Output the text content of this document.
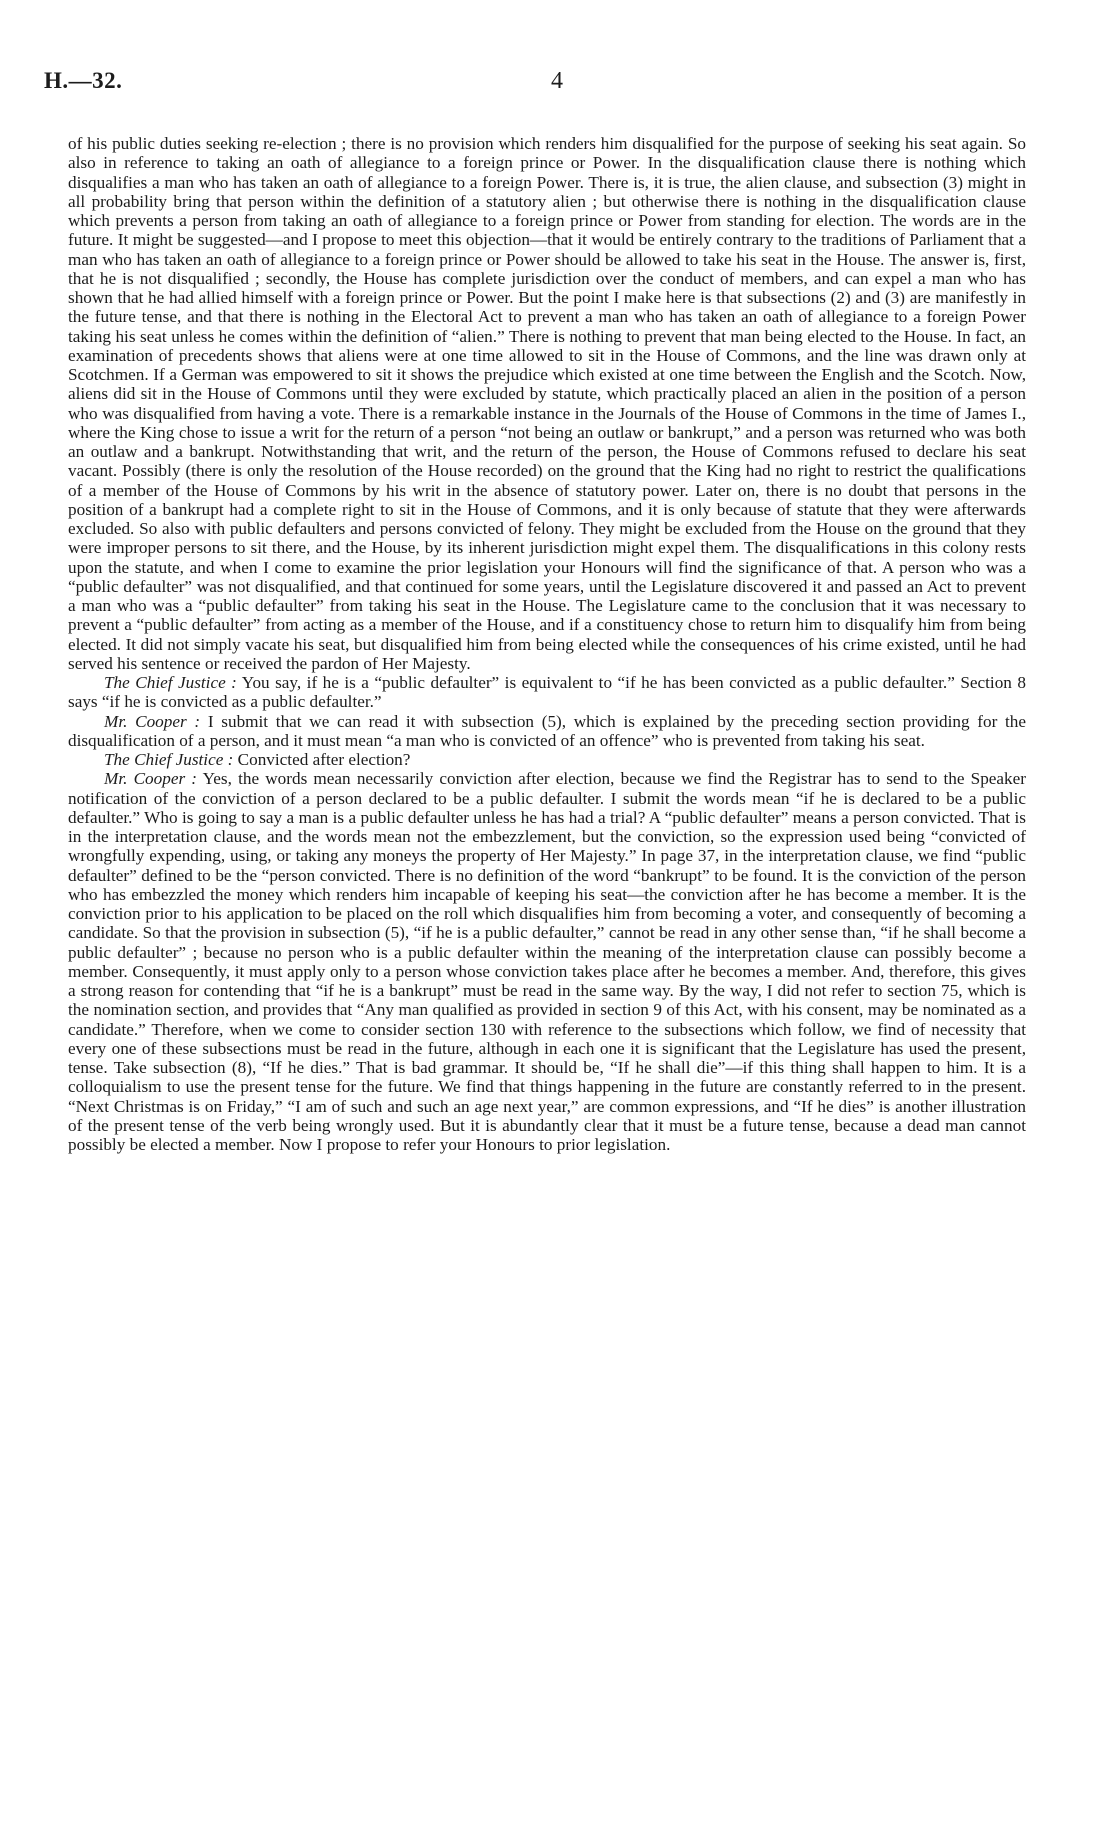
H.—32.	4

of his public duties seeking re-election ; there is no provision which renders him disqualified for the purpose of seeking his seat again. So also in reference to taking an oath of allegiance to a foreign prince or Power. In the disqualification clause there is nothing which disqualifies a man who has taken an oath of allegiance to a foreign Power. There is, it is true, the alien clause, and subsection (3) might in all probability bring that person within the definition of a statutory alien ; but otherwise there is nothing in the disqualification clause which prevents a person from taking an oath of allegiance to a foreign prince or Power from standing for election. The words are in the future. It might be suggested—and I propose to meet this objection—that it would be entirely contrary to the traditions of Parliament that a man who has taken an oath of allegiance to a foreign prince or Power should be allowed to take his seat in the House. The answer is, first, that he is not disqualified ; secondly, the House has complete jurisdiction over the conduct of members, and can expel a man who has shown that he had allied himself with a foreign prince or Power. But the point I make here is that subsections (2) and (3) are manifestly in the future tense, and that there is nothing in the Electoral Act to prevent a man who has taken an oath of allegiance to a foreign Power taking his seat unless he comes within the definition of “alien.” There is nothing to prevent that man being elected to the House. In fact, an examination of precedents shows that aliens were at one time allowed to sit in the House of Commons, and the line was drawn only at Scotchmen. If a German was empowered to sit it shows the prejudice which existed at one time between the English and the Scotch. Now, aliens did sit in the House of Commons until they were excluded by statute, which practically placed an alien in the position of a person who was disqualified from having a vote. There is a remarkable instance in the Journals of the House of Commons in the time of James I., where the King chose to issue a writ for the return of a person “not being an outlaw or bankrupt,” and a person was returned who was both an outlaw and a bankrupt. Notwithstanding that writ, and the return of the person, the House of Commons refused to declare his seat vacant. Possibly (there is only the resolution of the House recorded) on the ground that the King had no right to restrict the qualifications of a member of the House of Commons by his writ in the absence of statutory power. Later on, there is no doubt that persons in the position of a bankrupt had a complete right to sit in the House of Commons, and it is only because of statute that they were afterwards excluded. So also with public defaulters and persons convicted of felony. They might be excluded from the House on the ground that they were improper persons to sit there, and the House, by its inherent jurisdiction might expel them. The disqualifications in this colony rests upon the statute, and when I come to examine the prior legislation your Honours will find the significance of that. A person who was a “public defaulter” was not disqualified, and that continued for some years, until the Legislature discovered it and passed an Act to prevent a man who was a “public defaulter” from taking his seat in the House. The Legislature came to the conclusion that it was necessary to prevent a “public defaulter” from acting as a member of the House, and if a constituency chose to return him to disqualify him from being elected. It did not simply vacate his seat, but disqualified him from being elected while the consequences of his crime existed, until he had served his sentence or received the pardon of Her Majesty.

The Chief Justice : You say, if he is a “public defaulter” is equivalent to “if he has been convicted as a public defaulter.” Section 8 says “if he is convicted as a public defaulter.”

Mr. Cooper : I submit that we can read it with subsection (5), which is explained by the preceding section providing for the disqualification of a person, and it must mean “a man who is convicted of an offence” who is prevented from taking his seat.

The Chief Justice : Convicted after election?

Mr. Cooper : Yes, the words mean necessarily conviction after election, because we find the Registrar has to send to the Speaker notification of the conviction of a person declared to be a public defaulter. I submit the words mean “if he is declared to be a public defaulter.” Who is going to say a man is a public defaulter unless he has had a trial? A “public defaulter” means a person convicted. That is in the interpretation clause, and the words mean not the embezzlement, but the conviction, so the expression used being “convicted of wrongfully expending, using, or taking any moneys the property of Her Majesty.” In page 37, in the interpretation clause, we find “public defaulter” defined to be the “person convicted. There is no definition of the word “bankrupt” to be found. It is the conviction of the person who has embezzled the money which renders him incapable of keeping his seat—the conviction after he has become a member. It is the conviction prior to his application to be placed on the roll which disqualifies him from becoming a voter, and consequently of becoming a candidate. So that the provision in subsection (5), “if he is a public defaulter,” cannot be read in any other sense than, “if he shall become a public defaulter” ; because no person who is a public defaulter within the meaning of the interpretation clause can possibly become a member. Consequently, it must apply only to a person whose conviction takes place after he becomes a member. And, therefore, this gives a strong reason for contending that “if he is a bankrupt” must be read in the same way. By the way, I did not refer to section 75, which is the nomination section, and provides that “Any man qualified as provided in section 9 of this Act, with his consent, may be nominated as a candidate.” Therefore, when we come to consider section 130 with reference to the subsections which follow, we find of necessity that every one of these subsections must be read in the future, although in each one it is significant that the Legislature has used the present, tense. Take subsection (8), “If he dies.” That is bad grammar. It should be, “If he shall die”—if this thing shall happen to him. It is a colloquialism to use the present tense for the future. We find that things happening in the future are constantly referred to in the present. “Next Christmas is on Friday,” “I am of such and such an age next year,” are common expressions, and “If he dies” is another illustration of the present tense of the verb being wrongly used. But it is abundantly clear that it must be a future tense, because a dead man cannot possibly be elected a member. Now I propose to refer your Honours to prior legislation.
